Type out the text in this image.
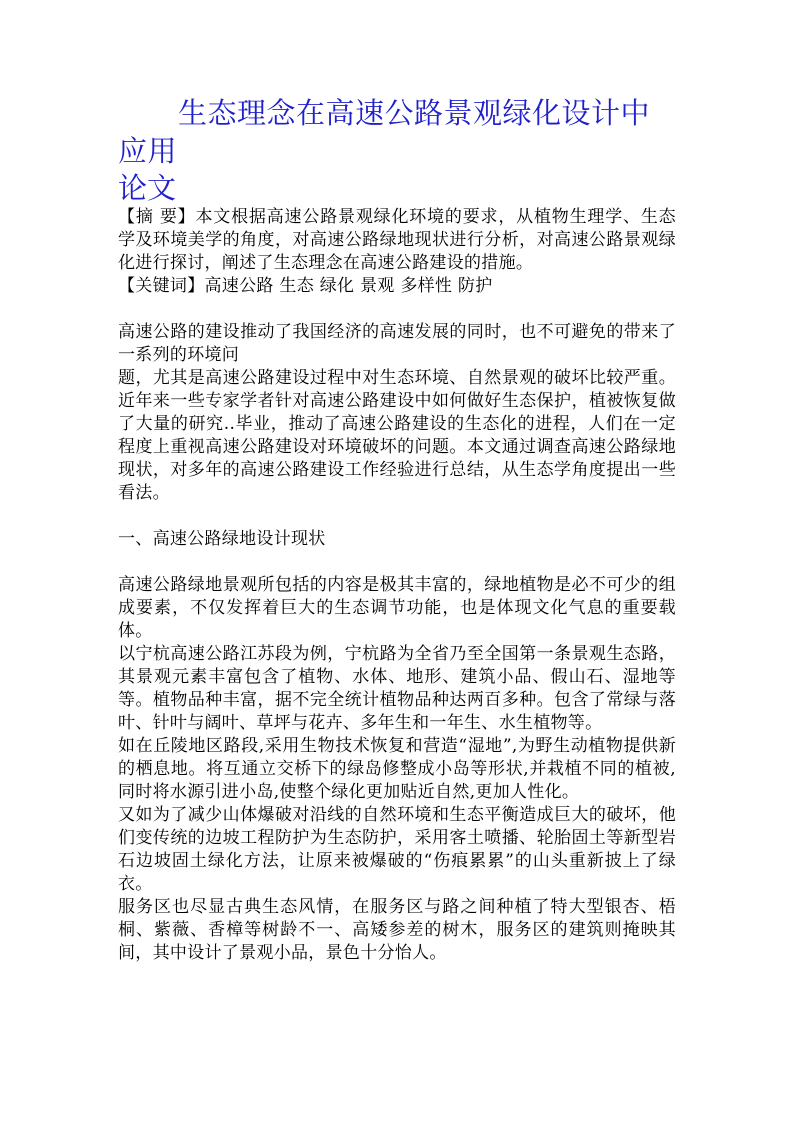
生态理念在高速公路景观绿化设计中应用
论文

【摘 要】本文根据高速公路景观绿化环境的要求，从植物生理学、生态学及环境美学的角度，对高速公路绿地现状进行分析，对高速公路景观绿化进行探讨，阐述了生态理念在高速公路建设的措施。

【关键词】高速公路 生态 绿化 景观 多样性 防护

高速公路的建设推动了我国经济的高速发展的同时，也不可避免的带来了一系列的环境问

题，尤其是高速公路建设过程中对生态环境、自然景观的破坏比较严重。近年来一些专家学者针对高速公路建设中如何做好生态保护，植被恢复做了大量的研究..毕业，推动了高速公路建设的生态化的进程，人们在一定程度上重视高速公路建设对环境破坏的问题。本文通过调查高速公路绿地现状，对多年的高速公路建设工作经验进行总结，从生态学角度提出一些看法。

一、高速公路绿地设计现状

高速公路绿地景观所包括的内容是极其丰富的，绿地植物是必不可少的组成要素，不仅发挥着巨大的生态调节功能，也是体现文化气息的重要载体。

以宁杭高速公路江苏段为例，宁杭路为全省乃至全国第一条景观生态路，其景观元素丰富包含了植物、水体、地形、建筑小品、假山石、湿地等等。植物品种丰富，据不完全统计植物品种达两百多种。包含了常绿与落叶、针叶与阔叶、草坪与花卉、多年生和一年生、水生植物等。

如在丘陵地区路段,采用生物技术恢复和营造“湿地”,为野生动植物提供新的栖息地。将互通立交桥下的绿岛修整成小岛等形状,并栽植不同的植被,同时将水源引进小岛,使整个绿化更加贴近自然,更加人性化。

又如为了减少山体爆破对沿线的自然环境和生态平衡造成巨大的破坏，他们变传统的边坡工程防护为生态防护，采用客土喷播、轮胎固土等新型岩石边坡固土绿化方法，让原来被爆破的“伤痕累累”的山头重新披上了绿衣。

服务区也尽显古典生态风情，在服务区与路之间种植了特大型银杏、梧桐、紫薇、香樟等树龄不一、高矮参差的树木，服务区的建筑则掩映其间，其中设计了景观小品，景色十分怡人。
